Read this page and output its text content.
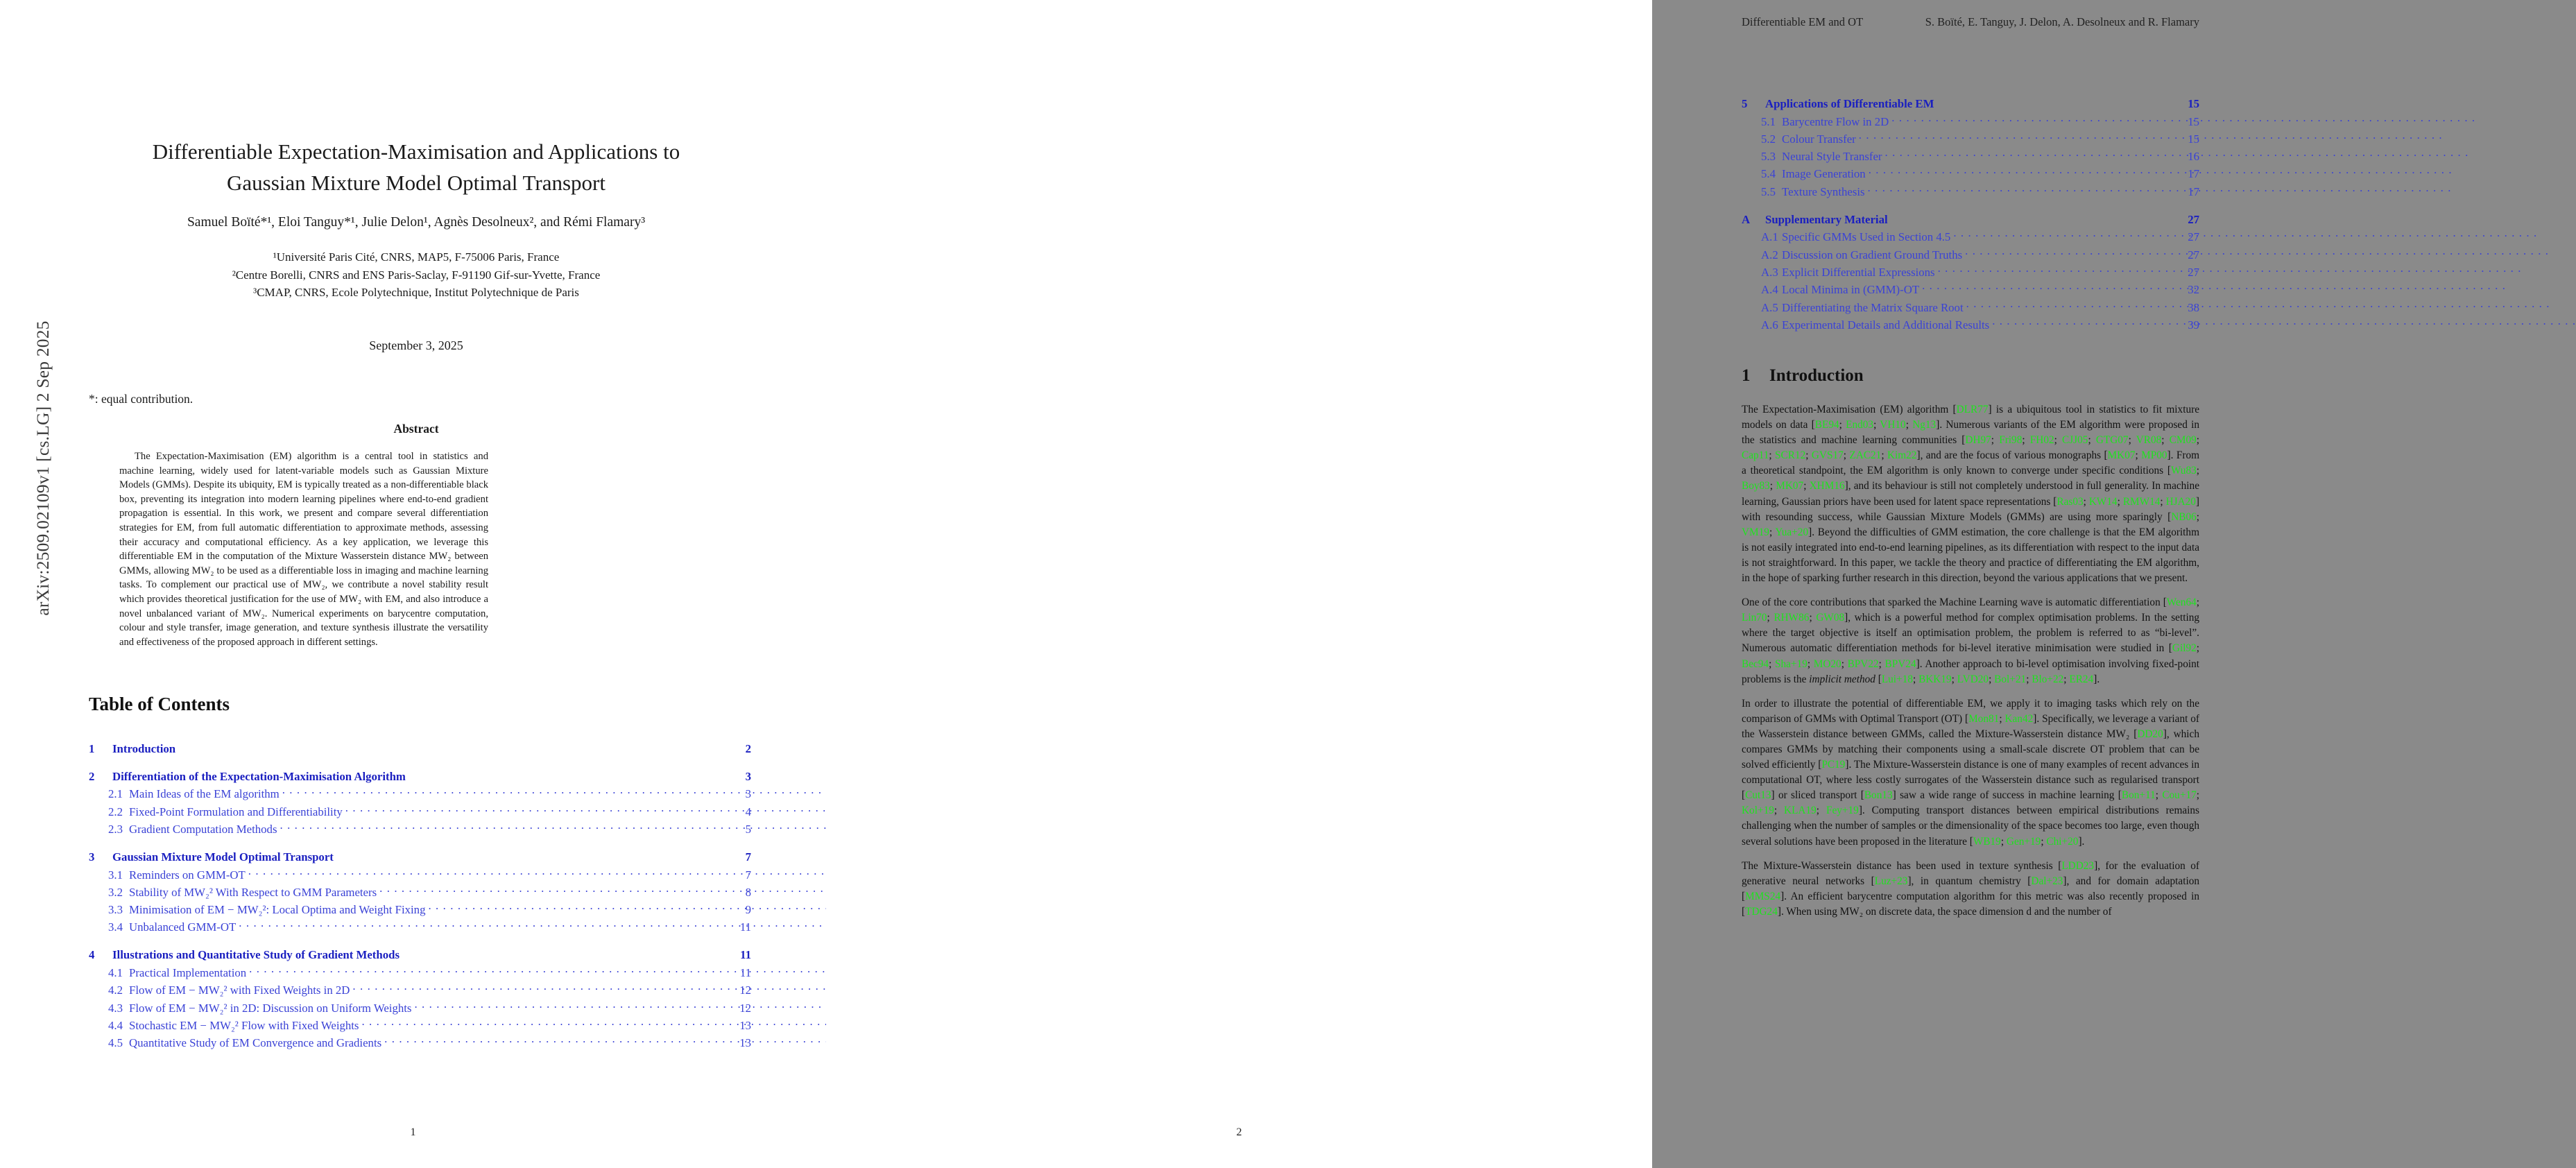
arXiv:2509.02109v1 [cs.LG] 2 Sep 2025
Differentiable Expectation-Maximisation and Applications to
Gaussian Mixture Model Optimal Transport
Samuel Boïté*¹, Eloi Tanguy*¹, Julie Delon¹, Agnès Desolneux², and Rémi Flamary³
¹Université Paris Cité, CNRS, MAP5, F-75006 Paris, France
²Centre Borelli, CNRS and ENS Paris-Saclay, F-91190 Gif-sur-Yvette, France
³CMAP, CNRS, Ecole Polytechnique, Institut Polytechnique de Paris
September 3, 2025
*: equal contribution.
Abstract
The Expectation-Maximisation (EM) algorithm is a central tool in statistics and machine learning, widely used for latent-variable models such as Gaussian Mixture Models (GMMs). Despite its ubiquity, EM is typically treated as a non-differentiable black box, preventing its integration into modern learning pipelines where end-to-end gradient propagation is essential. In this work, we present and compare several differentiation strategies for EM, from full automatic differentiation to approximate methods, assessing their accuracy and computational efficiency. As a key application, we leverage this differentiable EM in the computation of the Mixture Wasserstein distance MW₂ between GMMs, allowing MW₂ to be used as a differentiable loss in imaging and machine learning tasks. To complement our practical use of MW₂, we contribute a novel stability result which provides theoretical justification for the use of MW₂ with EM, and also introduce a novel unbalanced variant of MW₂. Numerical experiments on barycentre computation, colour and style transfer, image generation, and texture synthesis illustrate the versatility and effectiveness of the proposed approach in different settings.
Table of Contents
1	Introduction	2
2	Differentiation of the Expectation-Maximisation Algorithm	3
2.1 Main Ideas of the EM algorithm . . .	3
2.2 Fixed-Point Formulation and Differentiability . . .	4
2.3 Gradient Computation Methods . . .	5
3	Gaussian Mixture Model Optimal Transport	7
3.1 Reminders on GMM-OT . . .	7
3.2 Stability of MW₂² With Respect to GMM Parameters . . .	8
3.3 Minimisation of EM − MW₂²: Local Optima and Weight Fixing . . .	9
3.4 Unbalanced GMM-OT . . .	11
4	Illustrations and Quantitative Study of Gradient Methods	11
4.1 Practical Implementation . . .	11
4.2 Flow of EM − MW₂² with Fixed Weights in 2D . . .	12
4.3 Flow of EM − MW₂² in 2D: Discussion on Uniform Weights . . .	12
4.4 Stochastic EM − MW₂² Flow with Fixed Weights . . .	13
4.5 Quantitative Study of EM Convergence and Gradients . . .	13
1
Differentiable EM and OT	S. Boïté, E. Tanguy, J. Delon, A. Desolneux and R. Flamary
5	Applications of Differentiable EM	15
5.1 Barycentre Flow in 2D . . .	15
5.2 Colour Transfer . . .	15
5.3 Neural Style Transfer . . .	16
5.4 Image Generation . . .	17
5.5 Texture Synthesis . . .	17
A	Supplementary Material	27
A.1 Specific GMMs Used in Section 4.5 . . .	27
A.2 Discussion on Gradient Ground Truths . . .	27
A.3 Explicit Differential Expressions . . .	27
A.4 Local Minima in (GMM)-OT . . .	32
A.5 Differentiating the Matrix Square Root . . .	38
A.6 Experimental Details and Additional Results . . .	39
1 Introduction

The Expectation-Maximisation (EM) algorithm [DLR77] is a ubiquitous tool in statistics to fit mixture models on data [BE94; End03; VH10; Ng13]. Numerous variants of the EM algorithm were proposed in the statistics and machine learning communities [DH97; Fri98; FH02; CJJ05; GTG07; VR08; CM09; Cap11; SCR12; GVS17; ZAC21; Kim22], and are the focus of various monographs [MK07; MP00]. From a theoretical standpoint, the EM algorithm is only known to converge under specific conditions [Wu83; Boy83; MK07; XHM16], and its behaviour is still not completely understood in full generality. In machine learning, Gaussian priors have been used for latent space representations [Ras03; KW14; RMW14; HJA20] with resounding success, while Gaussian Mixture Models (GMMs) are using more sparingly [NB06; VM19; Yua+20]. Beyond the difficulties of GMM estimation, the core challenge is that the EM algorithm is not easily integrated into end-to-end learning pipelines, as its differentiation with respect to the input data is not straightforward. In this paper, we tackle the theory and practice of differentiating the EM algorithm, in the hope of sparking further research in this direction, beyond the various applications that we present.

One of the core contributions that sparked the Machine Learning wave is automatic differentiation [Wen64; Lin70; RHW86; GW08], which is a powerful method for complex optimisation problems. In the setting where the target objective is itself an optimisation problem, the problem is referred to as “bi-level”. Numerous automatic differentiation methods for bi-level iterative minimisation were studied in [Gil92; Bec94; Sha+19; MO20; BPV22; BPV24]. Another approach to bi-level optimisation involving fixed-point problems is the implicit method [Lui+18; BKK19; LVD20; Bol+21; Blo+22; ER24].

In order to illustrate the potential of differentiable EM, we apply it to imaging tasks which rely on the comparison of GMMs with Optimal Transport (OT) [Mon81; Kan42]. Specifically, we leverage a variant of the Wasserstein distance between GMMs, called the Mixture-Wasserstein distance MW₂ [DD20], which compares GMMs by matching their components using a small-scale discrete OT problem that can be solved efficiently [PC19]. The Mixture-Wasserstein distance is one of many examples of recent advances in computational OT, where less costly surrogates of the Wasserstein distance such as regularised transport [Cut13] or sliced transport [Bon13] saw a wide range of success in machine learning [Bon+11; Cou+17; Kol+19; KLA19; Fey+19]. Computing transport distances between empirical distributions remains challenging when the number of samples or the dimensionality of the space becomes too large, even though several solutions have been proposed in the literature [WB19; Gen+19; Chi+20].

The Mixture-Wasserstein distance has been used in texture synthesis [LDD23], for the evaluation of generative neural networks [Luz+23], in quantum chemistry [Dal+23], and for domain adaptation [MMS24]. An efficient barycentre computation algorithm for this metric was also recently proposed in [TDG24]. When using MW₂ on discrete data, the space dimension d and the number of

2
